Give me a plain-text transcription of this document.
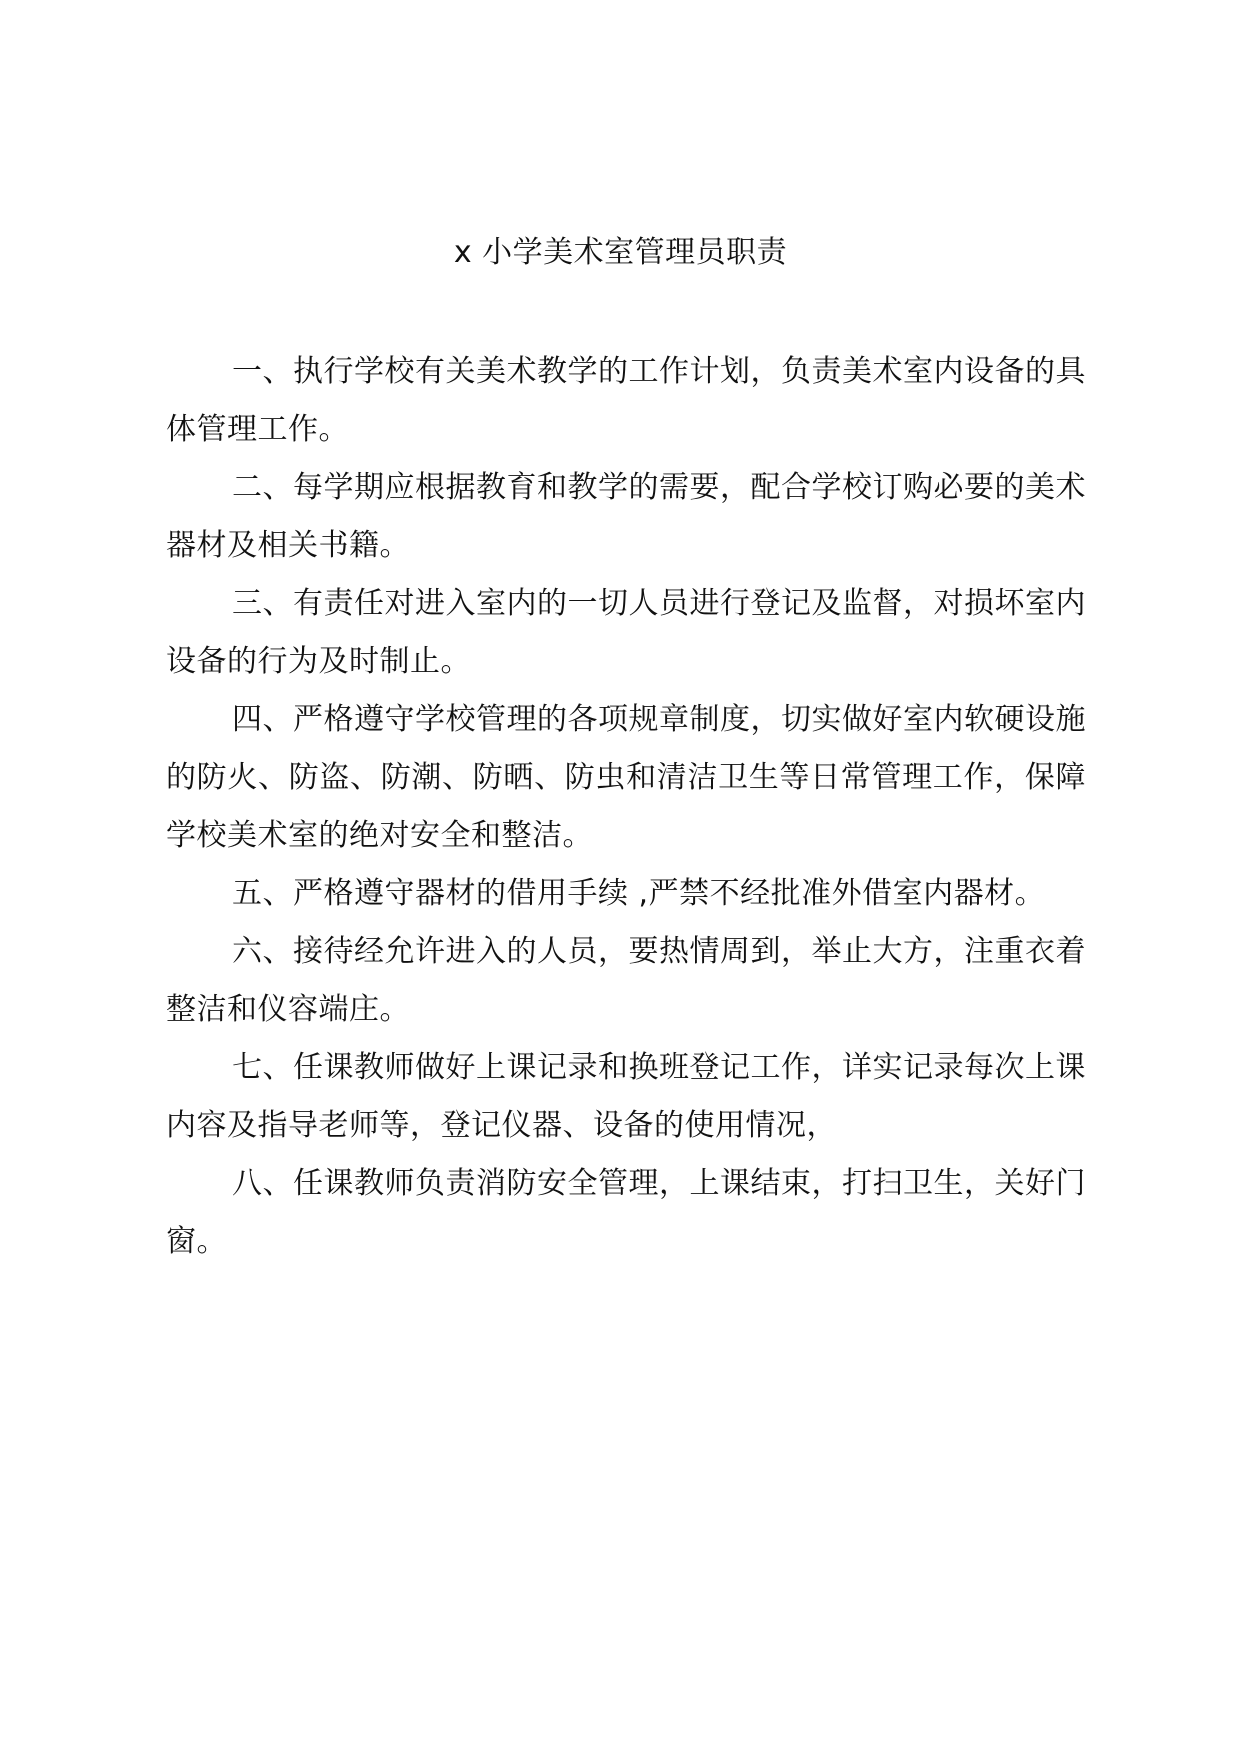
x 小学美术室管理员职责

一、执行学校有关美术教学的工作计划，负责美术室内设备的具体管理工作。

二、每学期应根据教育和教学的需要，配合学校订购必要的美术器材及相关书籍。

三、有责任对进入室内的一切人员进行登记及监督，对损坏室内设备的行为及时制止。

四、严格遵守学校管理的各项规章制度，切实做好室内软硬设施的防火、防盗、防潮、防晒、防虫和清洁卫生等日常管理工作，保障学校美术室的绝对安全和整洁。

五、严格遵守器材的借用手续 ,严禁不经批准外借室内器材。

六、接待经允许进入的人员，要热情周到，举止大方，注重衣着整洁和仪容端庄。

七、任课教师做好上课记录和换班登记工作，详实记录每次上课内容及指导老师等，登记仪器、设备的使用情况，

八、任课教师负责消防安全管理，上课结束，打扫卫生，关好门窗。
